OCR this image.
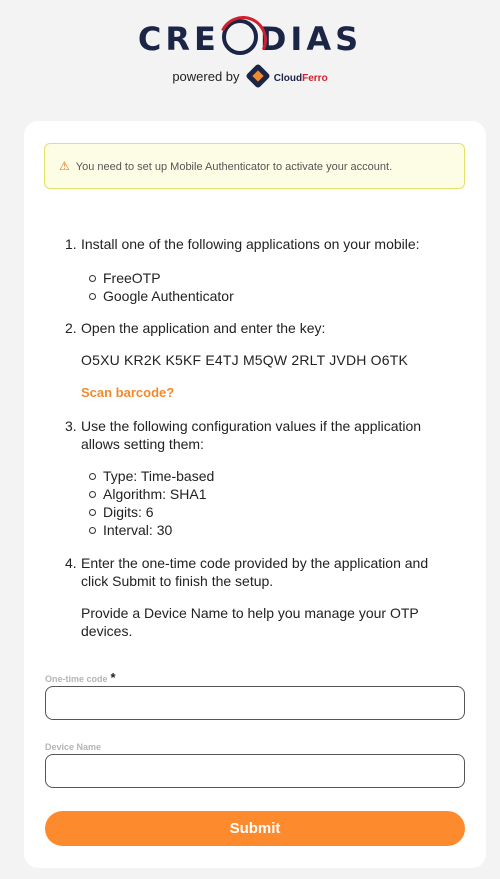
CRE DIAS
powered by	CloudFerro
⚠ You need to set up Mobile Authenticator to activate your account.
1. Install one of the following applications on your mobile:
FreeOTP
Google Authenticator
2. Open the application and enter the key:
O5XU KR2K K5KF E4TJ M5QW 2RLT JVDH O6TK
Scan barcode?
3. Use the following configuration values if the application allows setting them:
Type: Time-based
Algorithm: SHA1
Digits: 6
Interval: 30
4. Enter the one-time code provided by the application and click Submit to finish the setup.
Provide a Device Name to help you manage your OTP devices.
One-time code *
Device Name
Submit
